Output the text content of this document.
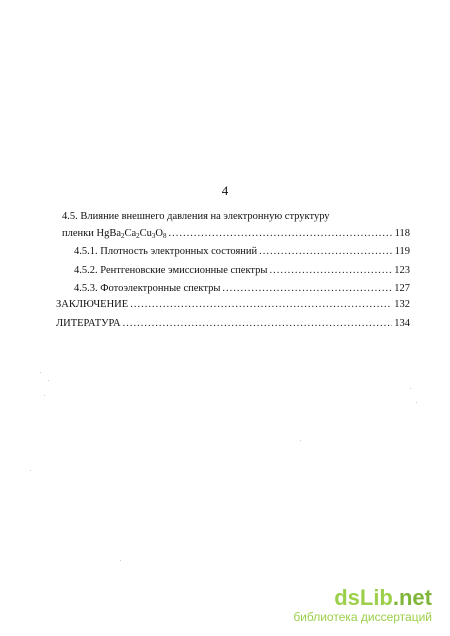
4
4.5. Влияние внешнего давления на электронную структуру
пленки $HgBa_2Ca_2Cu_3O_8$ .....	118
4.5.1. Плотность электронных состояний .....	119
4.5.2. Рентгеновские эмиссионные спектры .....	123
4.5.3. Фотоэлектронные спектры .....	127
ЗАКЛЮЧЕНИЕ .....	132
ЛИТЕРАТУРА .....	134
dsLib.net
библиотека диссертаций
